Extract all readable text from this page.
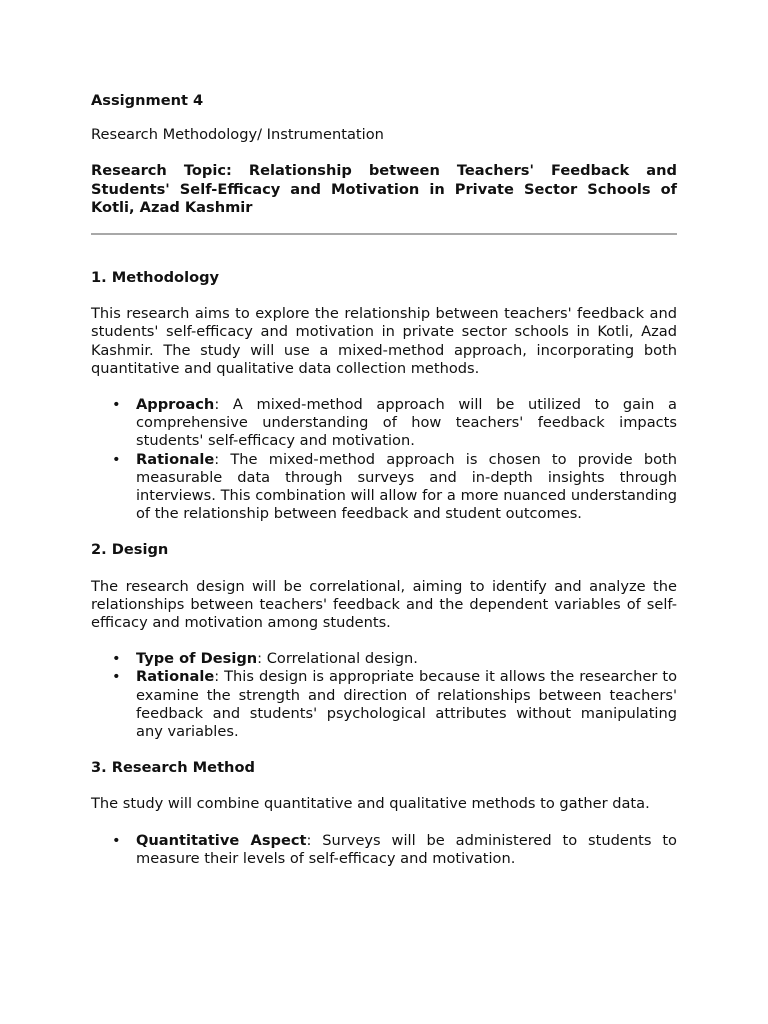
Assignment 4
Research Methodology/ Instrumentation
Research Topic: Relationship between Teachers' Feedback and Students' Self-Efficacy and Motivation in Private Sector Schools of Kotli, Azad Kashmir
1. Methodology
This research aims to explore the relationship between teachers' feedback and students' self-efficacy and motivation in private sector schools in Kotli, Azad Kashmir. The study will use a mixed-method approach, incorporating both quantitative and qualitative data collection methods.
• Approach: A mixed-method approach will be utilized to gain a comprehensive understanding of how teachers' feedback impacts students' self-efficacy and motivation.
• Rationale: The mixed-method approach is chosen to provide both measurable data through surveys and in-depth insights through interviews. This combination will allow for a more nuanced understanding of the relationship between feedback and student outcomes.
2. Design
The research design will be correlational, aiming to identify and analyze the relationships between teachers' feedback and the dependent variables of self-efficacy and motivation among students.
• Type of Design: Correlational design.
• Rationale: This design is appropriate because it allows the researcher to examine the strength and direction of relationships between teachers' feedback and students' psychological attributes without manipulating any variables.
3. Research Method
The study will combine quantitative and qualitative methods to gather data.
• Quantitative Aspect: Surveys will be administered to students to measure their levels of self-efficacy and motivation.
